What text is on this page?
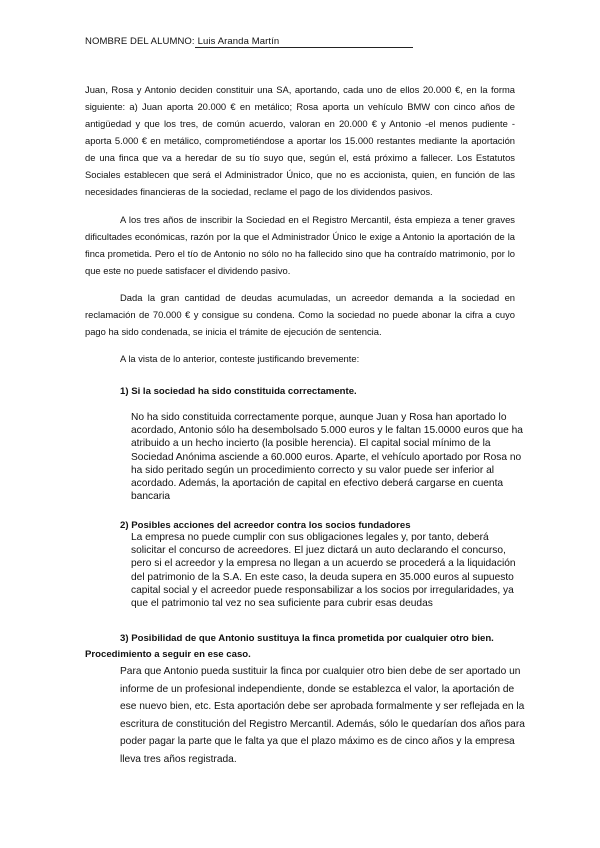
NOMBRE DEL ALUMNO:Luis Aranda Martín

Juan, Rosa y Antonio deciden constituir una SA, aportando, cada uno de ellos 20.000 €, en la forma siguiente: a) Juan aporta 20.000 € en metálico; Rosa aporta un vehículo BMW con cinco años de antigüedad y que los tres, de común acuerdo, valoran en 20.000 € y Antonio -el menos pudiente - aporta 5.000 € en metálico, comprometiéndose a aportar los 15.000 restantes mediante la aportación de una finca que va a heredar de su tío suyo que, según el, está próximo a fallecer. Los Estatutos Sociales establecen que será el Administrador Único, que no es accionista, quien, en función de las necesidades financieras de la sociedad, reclame el pago de los dividendos pasivos.

A los tres años de inscribir la Sociedad en el Registro Mercantil, ésta empieza a tener graves dificultades económicas, razón por la que el Administrador Único le exige a Antonio la aportación de la finca prometida. Pero el tío de Antonio no sólo no ha fallecido sino que ha contraído matrimonio, por lo que este no puede satisfacer el dividendo pasivo.

Dada la gran cantidad de deudas acumuladas, un acreedor demanda a la sociedad en reclamación de 70.000 € y consigue su condena. Como la sociedad no puede abonar la cifra a cuyo pago ha sido condenada, se inicia el trámite de ejecución de sentencia.

A la vista de lo anterior, conteste justificando brevemente:

1) Si la sociedad ha sido constituida correctamente.

No ha sido constituida correctamente porque, aunque Juan y Rosa han aportado lo acordado, Antonio sólo ha desembolsado 5.000 euros y le faltan 15.0000 euros que ha atribuido a un hecho incierto (la posible herencia). El capital social mínimo de la Sociedad Anónima asciende a 60.000 euros. Aparte, el vehículo aportado por Rosa no ha sido peritado según un procedimiento correcto y su valor puede ser inferior al acordado. Además, la aportación de capital en efectivo deberá cargarse en cuenta bancaria

2) Posibles acciones del acreedor contra los socios fundadores

La empresa no puede cumplir con sus obligaciones legales y, por tanto, deberá solicitar el concurso de acreedores. El juez dictará un auto declarando el concurso, pero si el acreedor y la empresa no llegan a un acuerdo se procederá a la liquidación del patrimonio de la S.A. En este caso, la deuda supera en 35.000 euros al supuesto capital social y el acreedor puede responsabilizar a los socios por irregularidades, ya que el patrimonio tal vez no sea suficiente para cubrir esas deudas

3) Posibilidad de que Antonio sustituya la finca prometida por cualquier otro bien. Procedimiento a seguir en ese caso.

Para que Antonio pueda sustituir la finca por cualquier otro bien debe de ser aportado un informe de un profesional independiente, donde se establezca el valor, la aportación de ese nuevo bien, etc. Esta aportación debe ser aprobada formalmente y ser reflejada en la escritura de constitución del Registro Mercantil. Además, sólo le quedarían dos años para poder pagar la parte que le falta ya que el plazo máximo es de cinco años y la empresa lleva tres años registrada.
